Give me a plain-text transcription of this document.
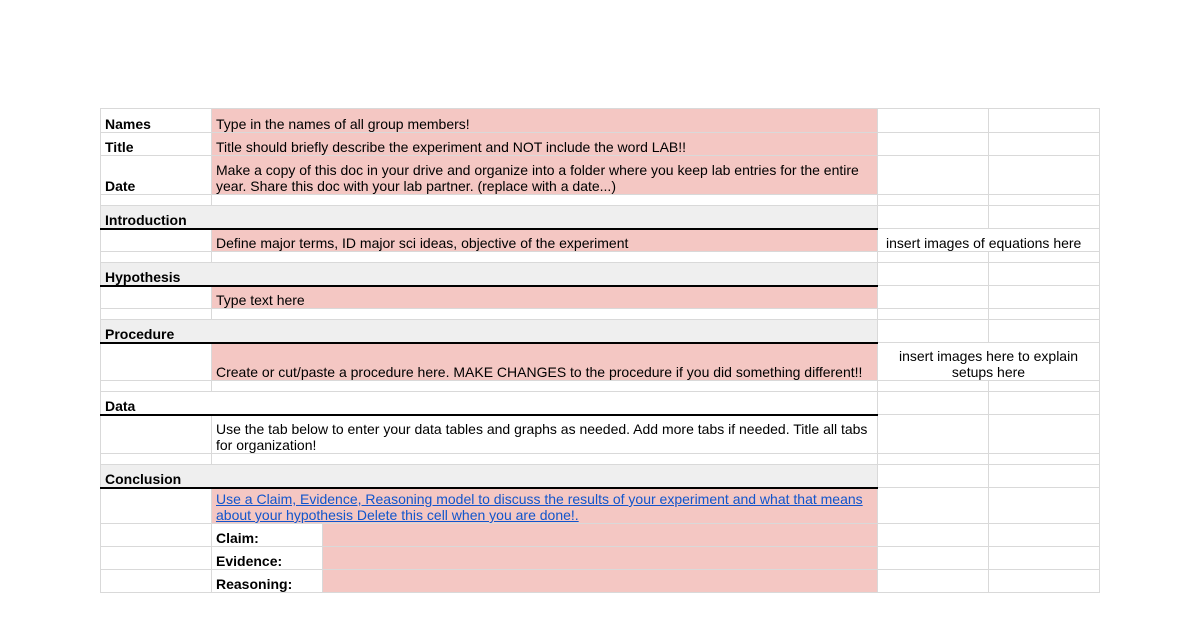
Names	Type in the names of all group members!			
Title	Title should briefly describe the experiment and NOT include the word LAB!!			
Date	Make a copy of this doc in your drive and organize into a folder where you keep lab entries for the entire year. Share this doc with your lab partner. (replace with a date...)			

Introduction				
	Define major terms, ID major sci ideas, objective of the experiment		insert images of equations here	

Hypothesis				
	Type text here			

Procedure				
	Create or cut/paste a procedure here. MAKE CHANGES to the procedure if you did something different!!		insert images here to explain setups here	

Data				
	Use the tab below to enter your data tables and graphs as needed. Add more tabs if needed. Title all tabs for organization!			

Conclusion				
	Use a Claim, Evidence, Reasoning model to discuss the results of your experiment and what that means about your hypothesis Delete this cell when you are done!.			
	Claim:			
	Evidence:			
	Reasoning:			
